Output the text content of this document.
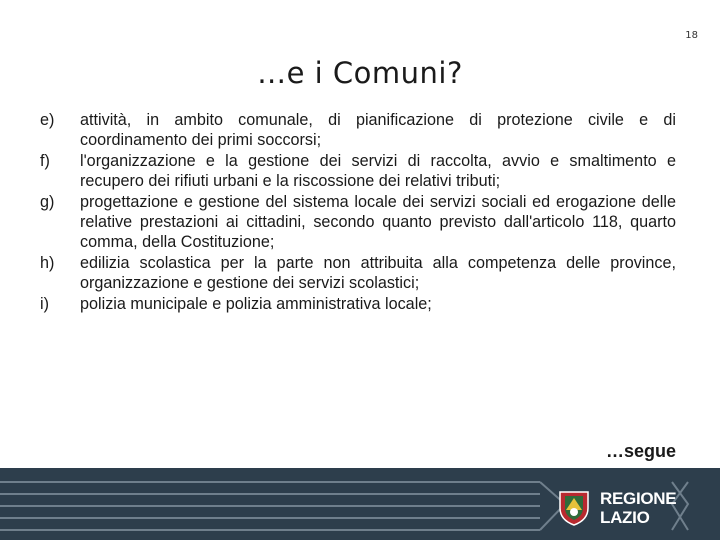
18
…e i Comuni?
e)	attività, in ambito comunale, di pianificazione di protezione civile e di coordinamento dei primi soccorsi;
f)	l'organizzazione e la gestione dei servizi di raccolta, avvio e smaltimento e recupero dei rifiuti urbani e la riscossione dei relativi tributi;
g)	progettazione e gestione del sistema locale dei servizi sociali ed erogazione delle relative prestazioni ai cittadini, secondo quanto previsto dall'articolo 118, quarto comma, della Costituzione;
h)	edilizia scolastica per la parte non attribuita alla competenza delle province, organizzazione e gestione dei servizi scolastici;
i)	polizia municipale e polizia amministrativa locale;
…segue
REGIONE
LAZIO
